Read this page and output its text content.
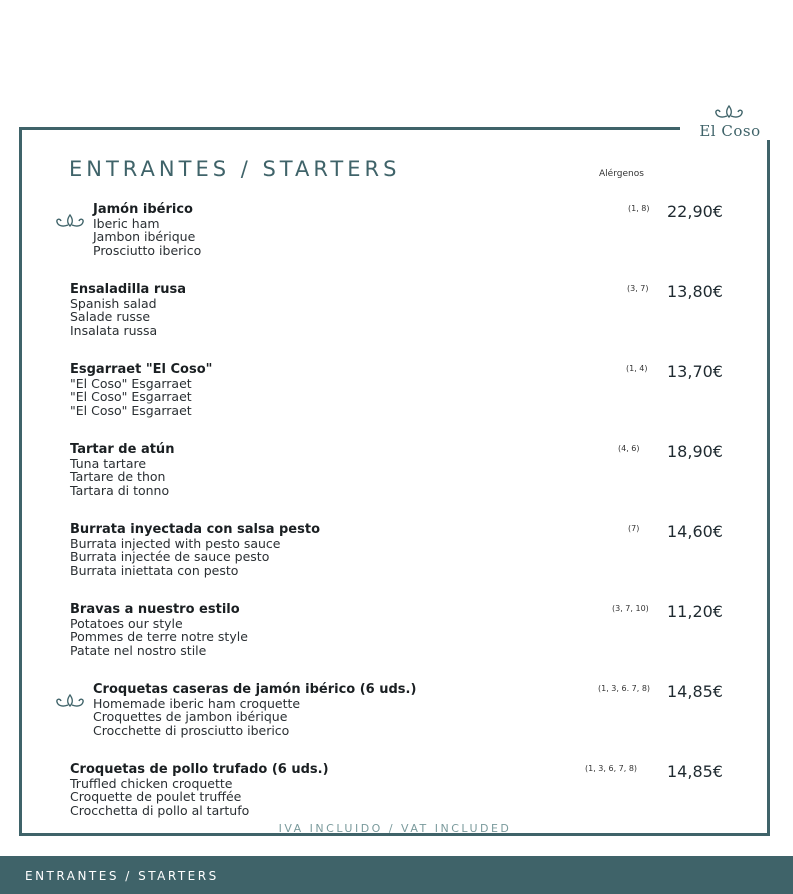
El Coso
ENTRANTES / STARTERS	Alérgenos
Jamón ibérico
Iberic ham
Jambon ibérique
Prosciutto iberico
(1, 8) 22,90€
Ensaladilla rusa
Spanish salad
Salade russe
Insalata russa
(3, 7) 13,80€
Esgarraet "El Coso"
"El Coso" Esgarraet
"El Coso" Esgarraet
"El Coso" Esgarraet
(1, 4) 13,70€
Tartar de atún
Tuna tartare
Tartare de thon
Tartara di tonno
(4, 6) 18,90€
Burrata inyectada con salsa pesto
Burrata injected with pesto sauce
Burrata injectée de sauce pesto
Burrata iniettata con pesto
(7) 14,60€
Bravas a nuestro estilo
Potatoes our style
Pommes de terre notre style
Patate nel nostro stile
(3, 7, 10) 11,20€
Croquetas caseras de jamón ibérico (6 uds.)
Homemade iberic ham croquette
Croquettes de jambon ibérique
Crocchette di prosciutto iberico
(1, 3, 6. 7, 8) 14,85€
Croquetas de pollo trufado (6 uds.)
Truffled chicken croquette
Croquette de poulet truffée
Crocchetta di pollo al tartufo
(1, 3, 6, 7, 8) 14,85€
IVA INCLUIDO / VAT INCLUDED
ENTRANTES / STARTERS
